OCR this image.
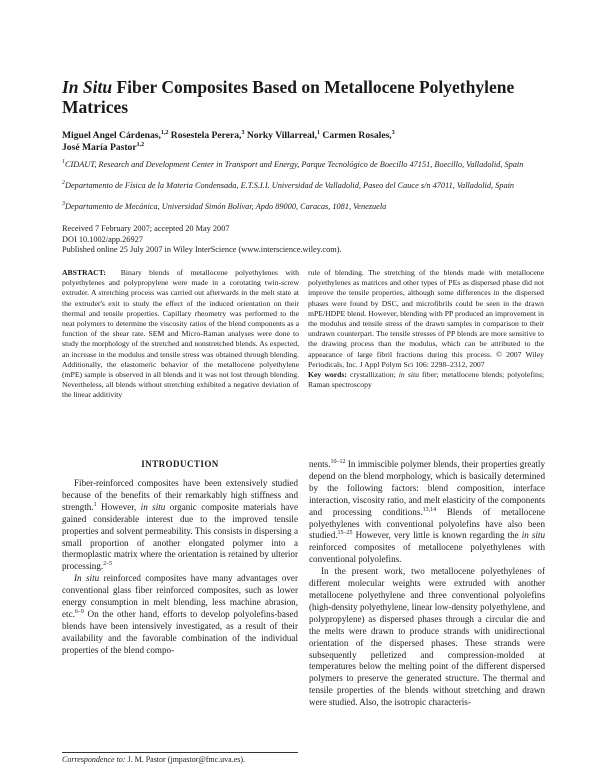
In Situ Fiber Composites Based on Metallocene Polyethylene Matrices
Miguel Angel Cárdenas,$^{1,2}$ Rosestela Perera,$^3$ Norky Villarreal,$^1$ Carmen Rosales,$^3$
José María Pastor$^{1,2}$
$^1$CIDAUT, Research and Development Center in Transport and Energy, Parque Tecnológico de Boecillo 47151, Boecillo, Valladolid, Spain
$^2$Departamento de Física de la Materia Condensada, E.T.S.I.I. Universidad de Valladolid, Paseo del Cauce s/n 47011, Valladolid, Spain
$^3$Departamento de Mecánica, Universidad Simón Bolívar, Apdo 89000, Caracas, 1081, Venezuela
Received 7 February 2007; accepted 20 May 2007
DOI 10.1002/app.26927
Published online 25 July 2007 in Wiley InterScience (www.interscience.wiley.com).
ABSTRACT: Binary blends of metallocene polyethylenes with polyethylenes and polypropylene were made in a corotating twin-screw extruder. A stretching process was carried out afterwards in the melt state at the extruder's exit to study the effect of the induced orientation on their thermal and tensile properties. Capillary rheometry was performed to the neat polymers to determine the viscosity ratios of the blend components as a function of the shear rate. SEM and Micro-Raman analyses were done to study the morphology of the stretched and nonstretched blends. As expected, an increase in the modulus and tensile stress was obtained through blending. Additionally, the elastomeric behavior of the metallocene polyethylene (mPE) sample is observed in all blends and it was not lost through blending. Nevertheless, all blends without stretching exhibited a negative deviation of the linear additivity
rule of blending. The stretching of the blends made with metallocene polyethylenes as matrices and other types of PEs as dispersed phase did not improve the tensile properties, although some differences in the dispersed phases were found by DSC, and microfibrils could be seen in the drawn mPE/HDPE blend. However, blending with PP produced an improvement in the modulus and tensile stress of the drawn samples in comparison to their undrawn counterpart. The tensile stresses of PP blends are more sensitive to the drawing process than the modulus, which can be attributed to the appearance of large fibril fractions during this process. © 2007 Wiley Periodicals, Inc. J Appl Polym Sci 106: 2298–2312, 2007
Key words: crystallization; in situ fiber; metallocene blends; polyolefins; Raman spectroscopy
INTRODUCTION

Fiber-reinforced composites have been extensively studied because of the benefits of their remarkably high stiffness and strength.$^1$ However, in situ organic composite materials have gained considerable interest due to the improved tensile properties and solvent permeability. This consists in dispersing a small proportion of another elongated polymer into a thermoplastic matrix where the orientation is retained by ulterior processing.$^{2-5}$

In situ reinforced composites have many advantages over conventional glass fiber reinforced composites, such as lower energy consumption in melt blending, less machine abrasion, etc.$^{6-9}$ On the other hand, efforts to develop polyolefins-based blends have been intensively investigated, as a result of their availability and the favorable combination of the individual properties of the blend compo-

nents.$^{10-12}$ In immiscible polymer blends, their properties greatly depend on the blend morphology, which is basically determined by the following factors: blend composition, interface interaction, viscosity ratio, and melt elasticity of the components and processing conditions.$^{13,14}$ Blends of metallocene polyethylenes with conventional polyolefins have also been studied.$^{15-25}$ However, very little is known regarding the in situ reinforced composites of metallocene polyethylenes with conventional polyolefins.

In the present work, two metallocene polyethylenes of different molecular weights were extruded with another metallocene polyethylene and three conventional polyolefins (high-density polyethylene, linear low-density polyethylene, and polypropylene) as dispersed phases through a circular die and the melts were drawn to produce strands with unidirectional orientation of the dispersed phases. These strands were subsequently pelletized and compression-molded at temperatures below the melting point of the different dispersed polymers to preserve the generated structure. The thermal and tensile properties of the blends without stretching and drawn were studied. Also, the isotropic characteris-

Correspondence to: J. M. Pastor (jmpastor@fmc.uva.es).
